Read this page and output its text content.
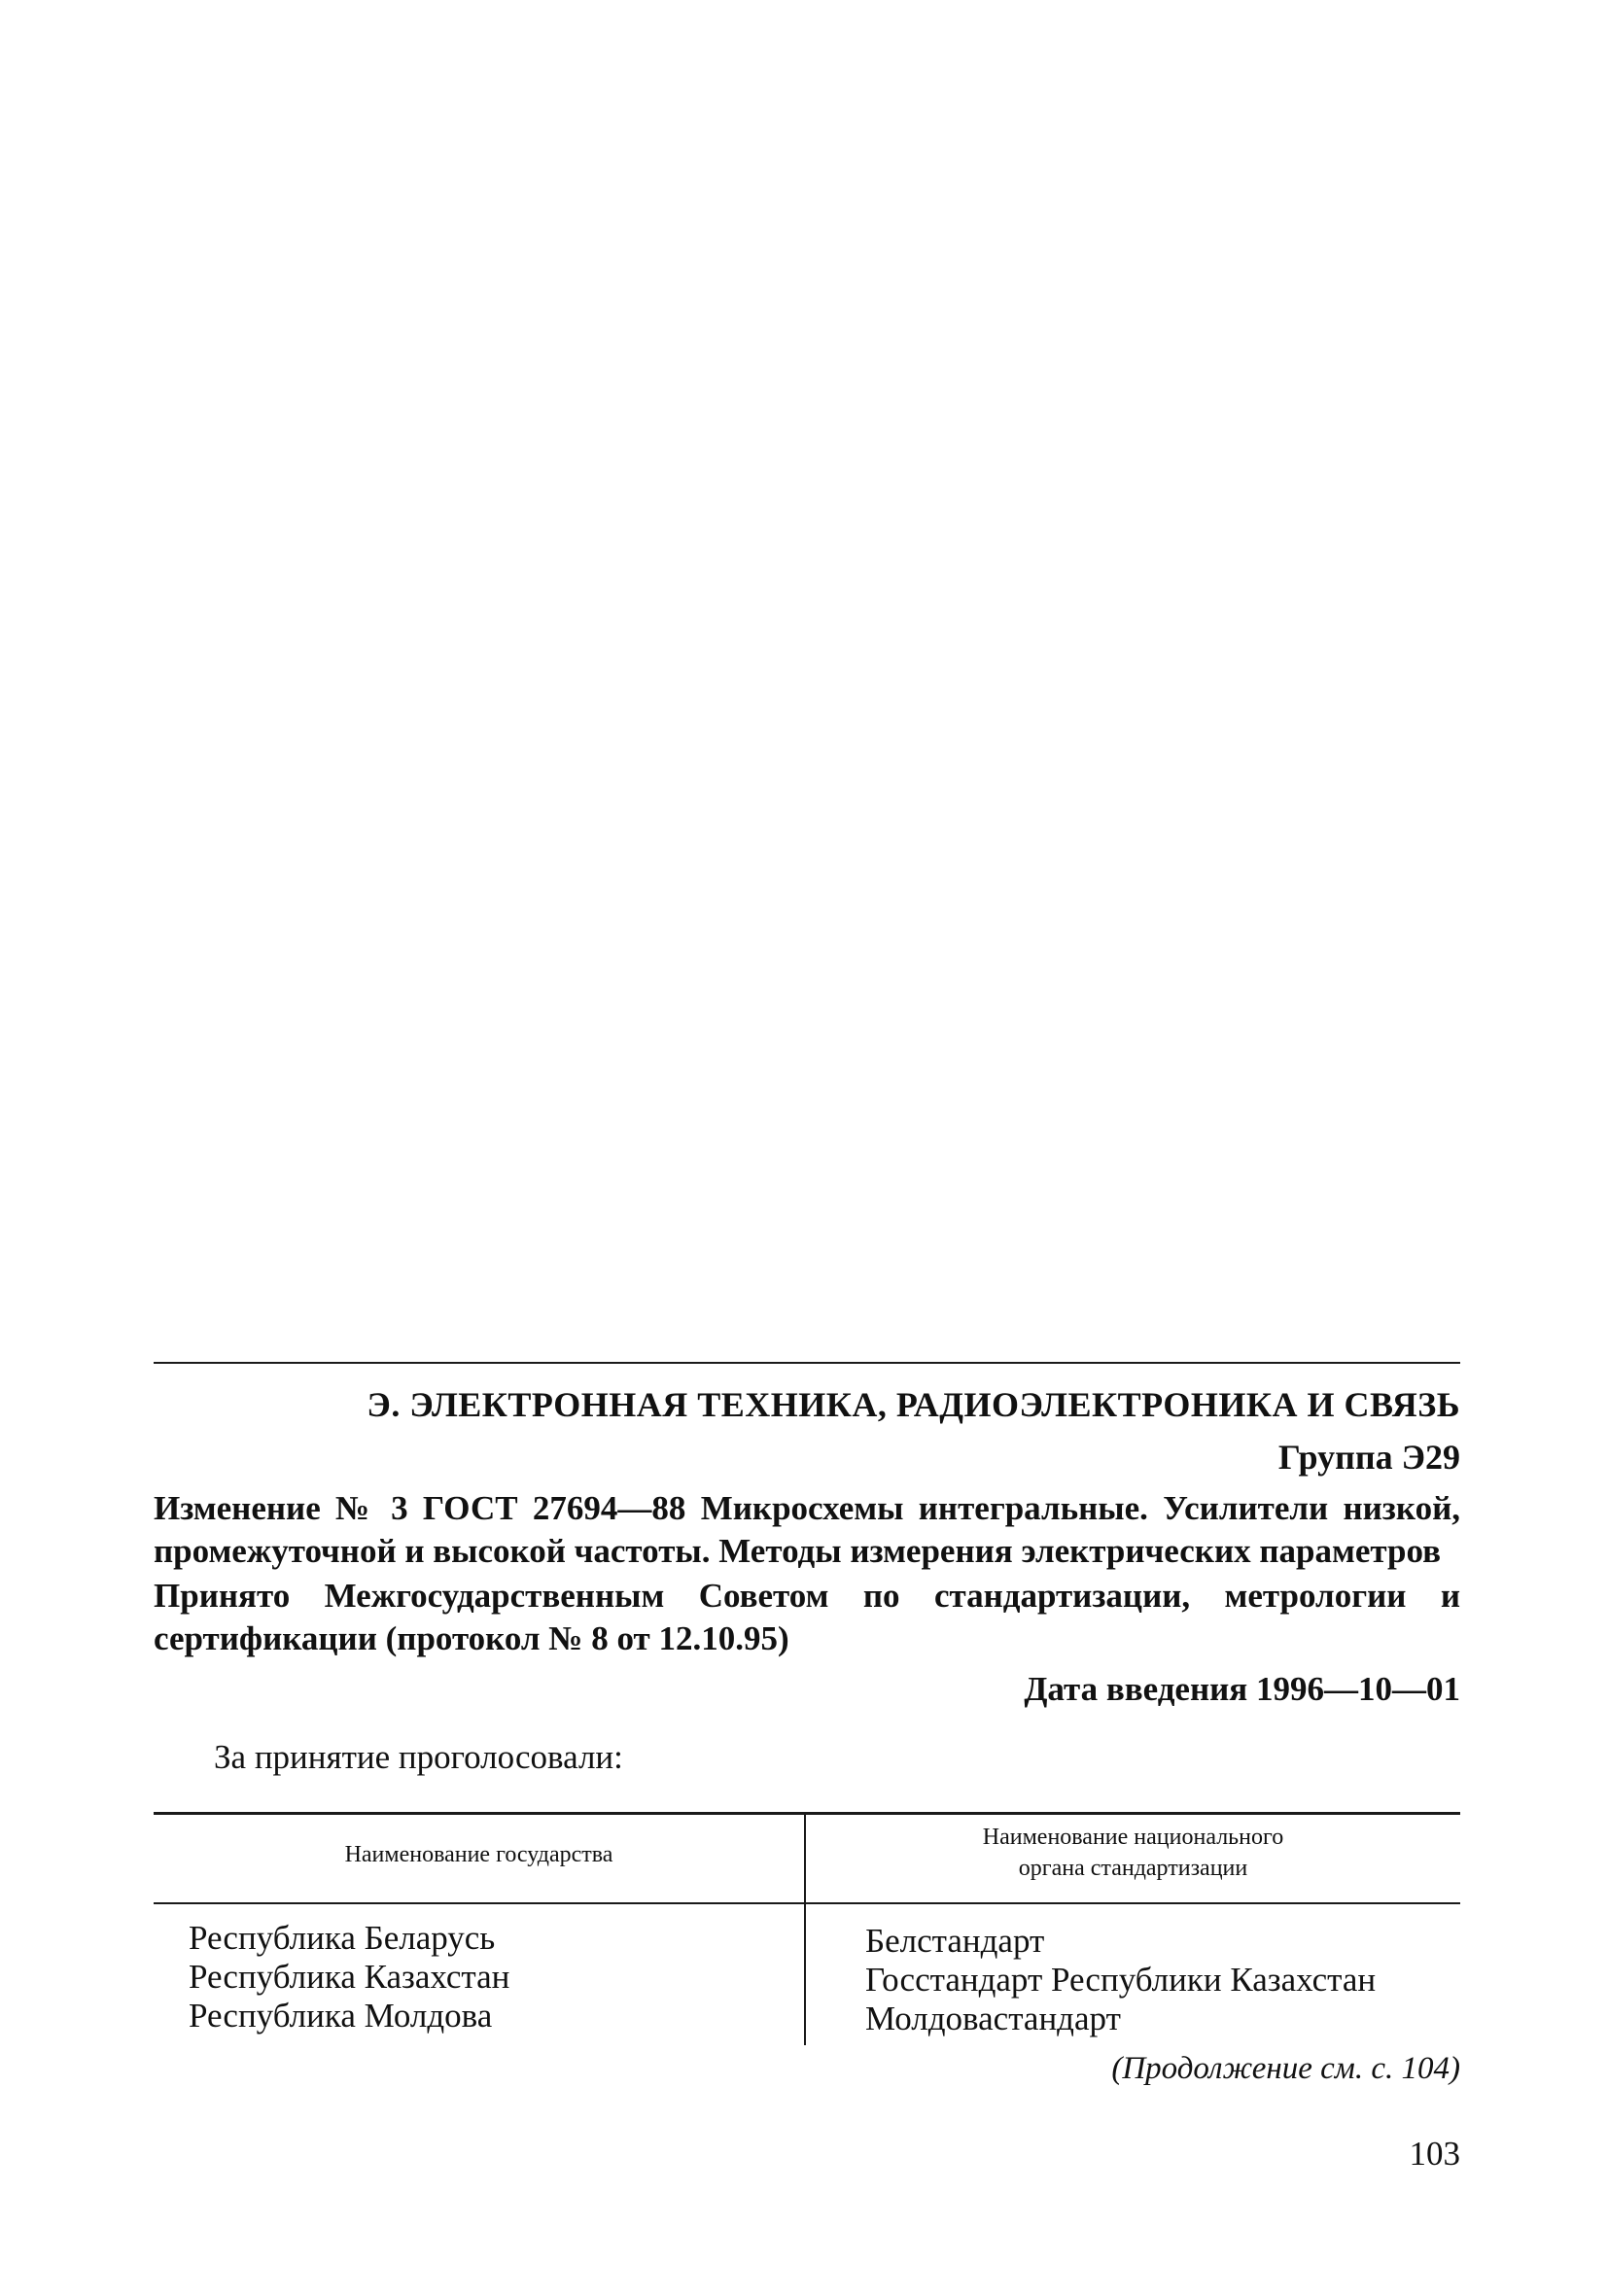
Э. ЭЛЕКТРОННАЯ ТЕХНИКА, РАДИОЭЛЕКТРОНИКА И СВЯЗЬ
Группа Э29
Изменение № 3 ГОСТ 27694—88 Микросхемы интегральные. Усилители низкой, промежуточной и высокой частоты. Методы измерения электрических параметров
Принято Межгосударственным Советом по стандартизации, метрологии и сертификации (протокол № 8 от 12.10.95)
Дата введения 1996—10—01
За принятие проголосовали:
Наименование государства
Наименование национального
органа стандартизации
Республика Беларусь
Республика Казахстан
Республика Молдова
Белстандарт
Госстандарт Республики Казахстан
Молдовастандарт
(Продолжение см. с. 104)
103
